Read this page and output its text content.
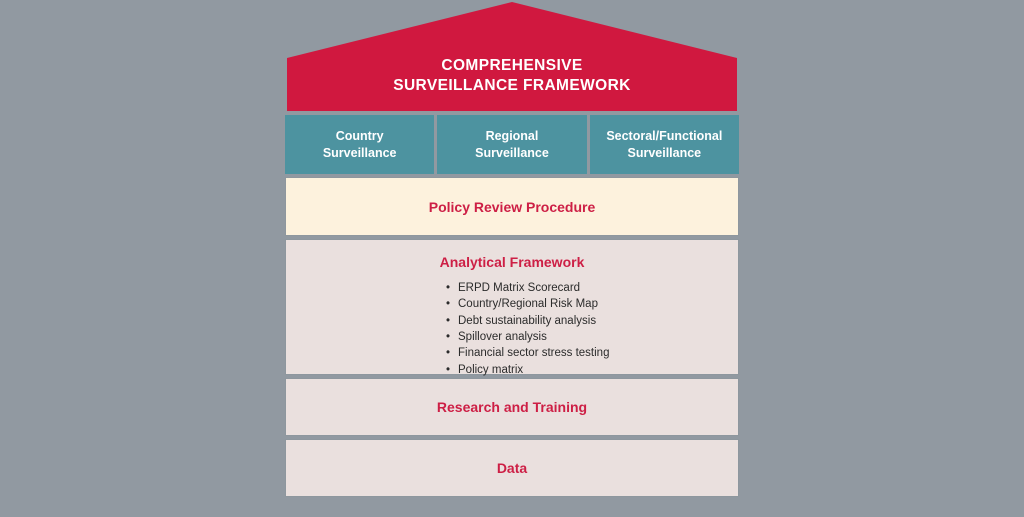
COMPREHENSIVE
SURVEILLANCE FRAMEWORK
Country
Surveillance
Regional
Surveillance
Sectoral/Functional
Surveillance
Policy Review Procedure
Analytical Framework
• ERPD Matrix Scorecard
• Country/Regional Risk Map
• Debt sustainability analysis
• Spillover analysis
• Financial sector stress testing
• Policy matrix
Research and Training
Data
